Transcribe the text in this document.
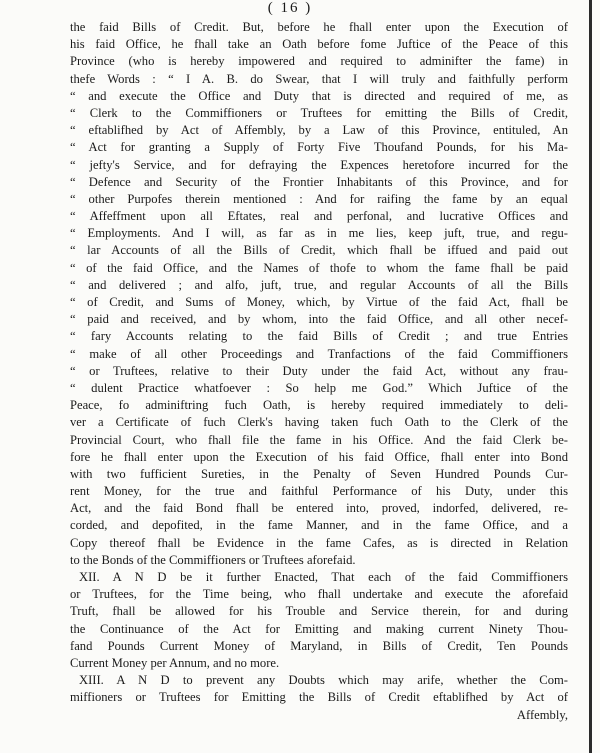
( 16 )
the faid Bills of Credit. But, before he fhall enter upon the Execution of
his faid Office, he fhall take an Oath before fome Juftice of the Peace of this
Province (who is hereby impowered and required to adminifter the fame) in
thefe Words : “ I A. B. do Swear, that I will truly and faithfully perform
“ and execute the Office and Duty that is directed and required of me, as
“ Clerk to the Commiffioners or Truftees for emitting the Bills of Credit,
“ eftablifhed by Act of Affembly, by a Law of this Province, entituled, An
“ Act for granting a Supply of Forty Five Thoufand Pounds, for his Ma-
“ jefty's Service, and for defraying the Expences heretofore incurred for the
“ Defence and Security of the Frontier Inhabitants of this Province, and for
“ other Purpofes therein mentioned : And for raifing the fame by an equal
“ Affeffment upon all Eftates, real and perfonal, and lucrative Offices and
“ Employments. And I will, as far as in me lies, keep juft, true, and regu-
“ lar Accounts of all the Bills of Credit, which fhall be iffued and paid out
“ of the faid Office, and the Names of thofe to whom the fame fhall be paid
“ and delivered ; and alfo, juft, true, and regular Accounts of all the Bills
“ of Credit, and Sums of Money, which, by Virtue of the faid Act, fhall be
“ paid and received, and by whom, into the faid Office, and all other necef-
“ fary Accounts relating to the faid Bills of Credit ; and true Entries
“ make of all other Proceedings and Tranfactions of the faid Commiffioners
“ or Truftees, relative to their Duty under the faid Act, without any frau-
“ dulent Practice whatfoever : So help me God.” Which Juftice of the
Peace, fo adminiftring fuch Oath, is hereby required immediately to deli-
ver a Certificate of fuch Clerk's having taken fuch Oath to the Clerk of the
Provincial Court, who fhall file the fame in his Office. And the faid Clerk be-
fore he fhall enter upon the Execution of his faid Office, fhall enter into Bond
with two fufficient Sureties, in the Penalty of Seven Hundred Pounds Cur-
rent Money, for the true and faithful Performance of his Duty, under this
Act, and the faid Bond fhall be entered into, proved, indorfed, delivered, re-
corded, and depofited, in the fame Manner, and in the fame Office, and a
Copy thereof fhall be Evidence in the fame Cafes, as is directed in Relation
to the Bonds of the Commiffioners or Truftees aforefaid.
XII. A N D be it further Enacted, That each of the faid Commiffioners
or Truftees, for the Time being, who fhall undertake and execute the aforefaid
Truft, fhall be allowed for his Trouble and Service therein, for and during
the Continuance of the Act for Emitting and making current Ninety Thou-
fand Pounds Current Money of Maryland, in Bills of Credit, Ten Pounds
Current Money per Annum, and no more.
XIII. A N D to prevent any Doubts which may arife, whether the Com-
miffioners or Truftees for Emitting the Bills of Credit eftablifhed by Act of
Affembly,
